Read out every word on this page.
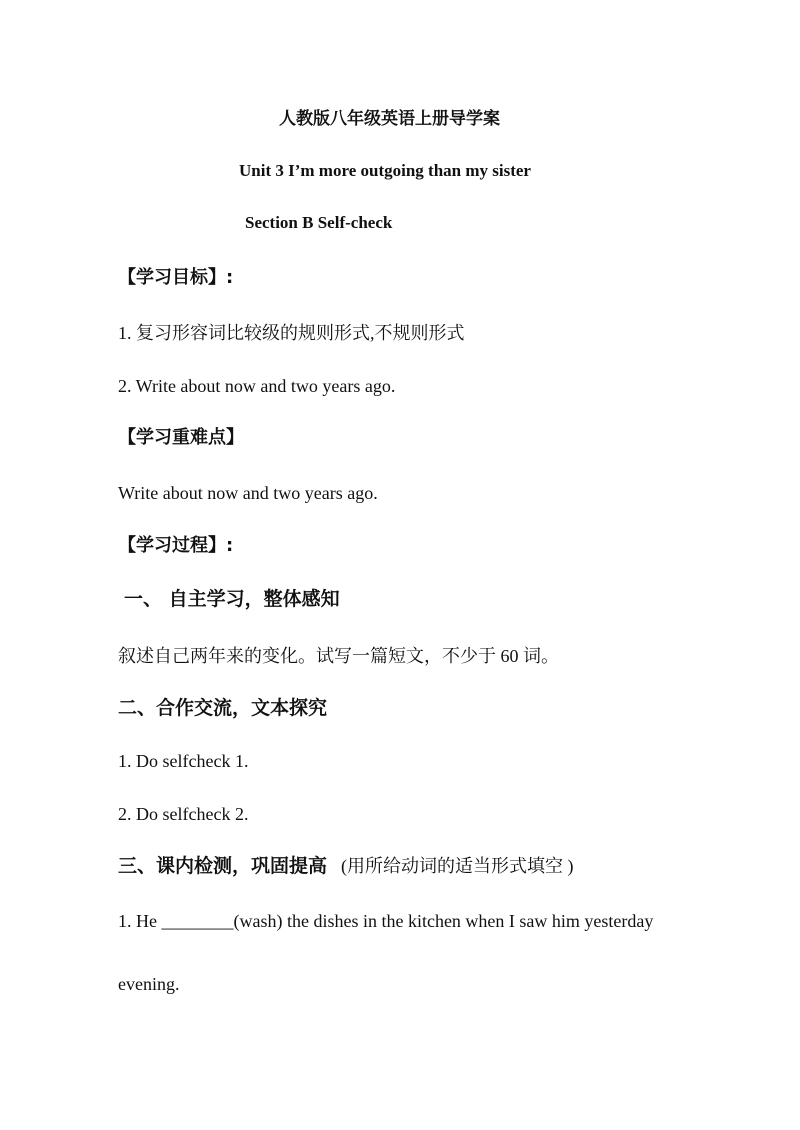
人教版八年级英语上册导学案
Unit 3 I’m more outgoing than my sister
Section B Self-check
【学习目标】:
1. 复习形容词比较级的规则形式,不规则形式
2. Write about now and two years ago.
【学习重难点】
Write about now and two years ago.
【学习过程】:
一、 自主学习，整体感知
叙述自己两年来的变化。试写一篇短文，不少于 60 词。
二、合作交流，文本探究
1. Do selfcheck 1.
2. Do selfcheck 2.
三、课内检测，巩固提高 (用所给动词的适当形式填空 )
1. He ________(wash) the dishes in the kitchen when I saw him yesterday
evening.
